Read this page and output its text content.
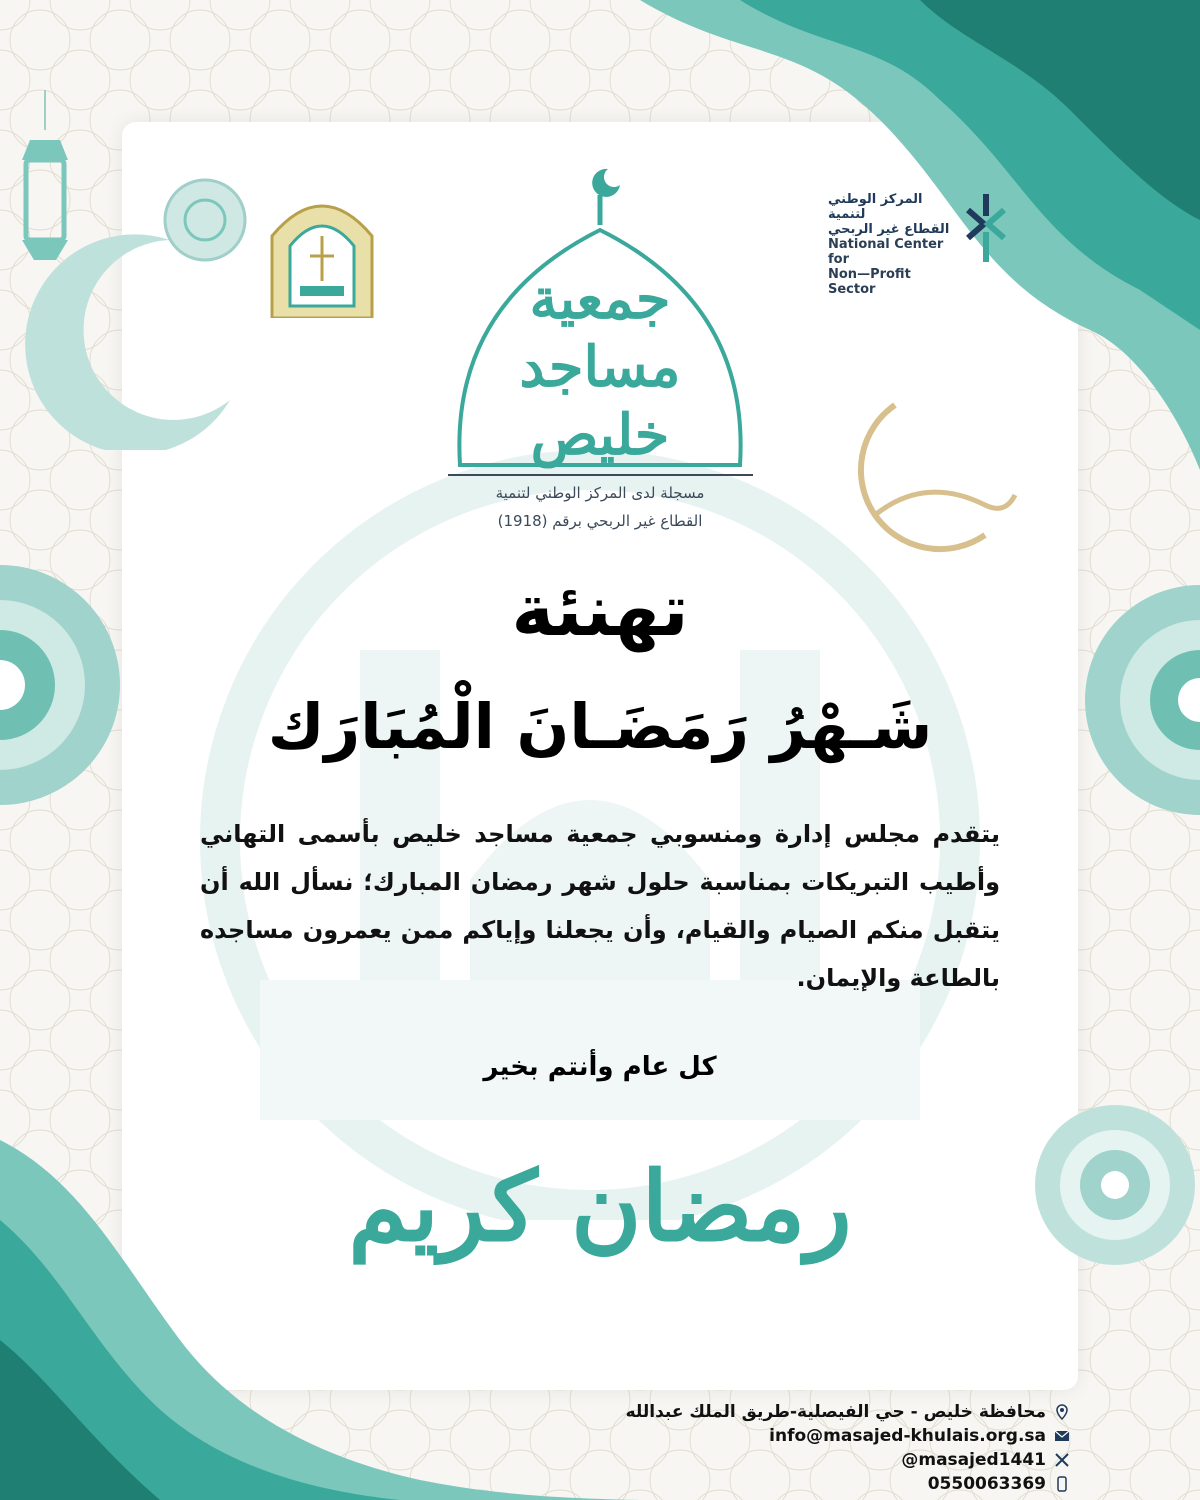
المركز الوطني لتنمية
القطاع غير الربحي
National Center for
Non—Profit Sector
جمعية مساجد خليص
مسجلة لدى المركز الوطني لتنمية
القطاع غير الربحي برقم (1918)
تهنئة
شَـهْرُ رَمَضَـانَ الْمُبَارَك
يتقدم مجلس إدارة ومنسوبي جمعية مساجد خليص بأسمى التهاني وأطيب التبريكات بمناسبة حلول شهر رمضان المبارك؛ نسأل الله أن يتقبل منكم الصيام والقيام، وأن يجعلنا وإياكم ممن يعمرون مساجده بالطاعة والإيمان.
كل عام وأنتم بخير
رمضان كريم
محافظة خليص - حي الفيصلية-طريق الملك عبدالله
info@masajed-khulais.org.sa
@masajed1441
0550063369
